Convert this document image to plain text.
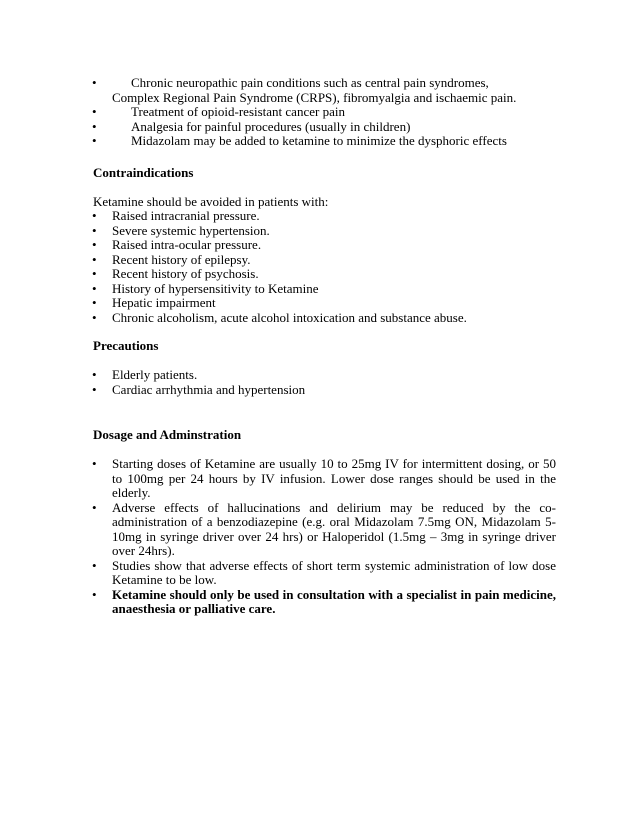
•	Chronic neuropathic pain conditions such as central pain syndromes, Complex Regional Pain Syndrome (CRPS), fibromyalgia and ischaemic pain.
•	Treatment of opioid-resistant cancer pain
•	Analgesia for painful procedures (usually in children)
•	Midazolam may be added to ketamine to minimize the dysphoric effects
Contraindications

Ketamine should be avoided in patients with:

• Raised intracranial pressure.
• Severe systemic hypertension.
• Raised intra-ocular pressure.
• Recent history of epilepsy.
• Recent history of psychosis.
• History of hypersensitivity to Ketamine
• Hepatic impairment
• Chronic alcoholism, acute alcohol intoxication and substance abuse.
Precautions
• Elderly patients.
• Cardiac arrhythmia and hypertension
Dosage and Adminstration
• Starting doses of Ketamine are usually 10 to 25mg IV for intermittent dosing, or 50 to 100mg per 24 hours by IV infusion. Lower dose ranges should be used in the elderly.
• Adverse effects of hallucinations and delirium may be reduced by the co-administration of a benzodiazepine (e.g. oral Midazolam 7.5mg ON, Midazolam 5-10mg in syringe driver over 24 hrs) or Haloperidol (1.5mg – 3mg in syringe driver over 24hrs).
• Studies show that adverse effects of short term systemic administration of low dose Ketamine to be low.
• Ketamine should only be used in consultation with a specialist in pain medicine, anaesthesia or palliative care.
